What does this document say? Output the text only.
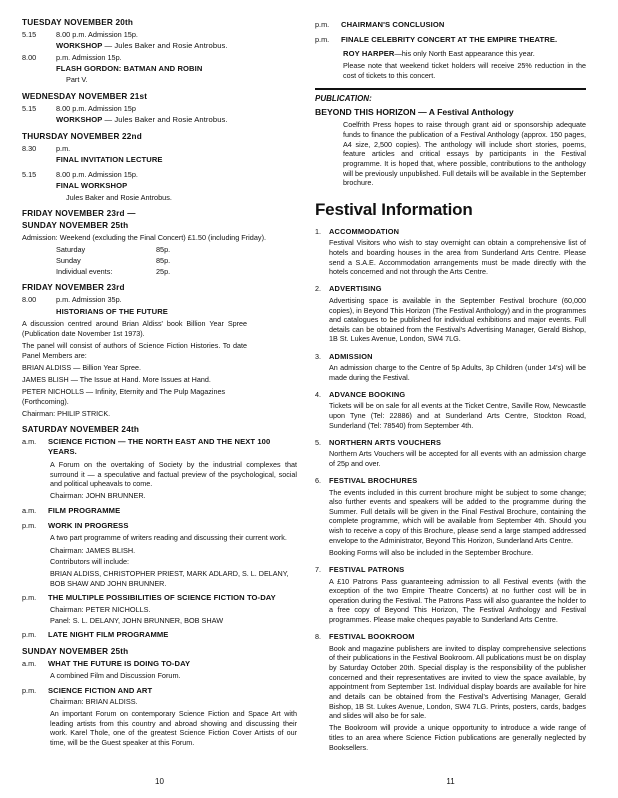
TUESDAY NOVEMBER 20th
5.15	8.00 p.m. Admission 15p.
WORKSHOP — Jules Baker and Rosie Antrobus.
8.00	p.m. Admission 15p.
FLASH GORDON: BATMAN AND ROBIN
Part V.
WEDNESDAY NOVEMBER 21st
5.15	8.00 p.m. Admission 15p
WORKSHOP — Jules Baker and Rosie Antrobus.
THURSDAY NOVEMBER 22nd
8.30	p.m.
FINAL INVITATION LECTURE
5.15	8.00 p.m. Admission 15p.
FINAL WORKSHOP
Jules Baker and Rosie Antrobus.
FRIDAY NOVEMBER 23rd —
SUNDAY NOVEMBER 25th
Admission: Weekend (excluding the Final Concert) £1.50 (including Friday).
Saturday	85p.
Sunday	85p.
Individual events:	25p.
FRIDAY NOVEMBER 23rd
8.00	p.m. Admission 35p.
HISTORIANS OF THE FUTURE
A discussion centred around Brian Aldiss' book Billion Year Spree (Publication date November 1st 1973).
The panel will consist of authors of Science Fiction Histories. To date Panel Members are:
BRIAN ALDISS — Billion Year Spree.
JAMES BLISH — The Issue at Hand. More Issues at Hand.
PETER NICHOLLS — Infinity, Eternity and The Pulp Magazines (Forthcoming).
Chairman: PHILIP STRICK.
SATURDAY NOVEMBER 24th
a.m. SCIENCE FICTION — THE NORTH EAST AND THE NEXT 100 YEARS.
A Forum on the overtaking of Society by the industrial complexes that surround it — a speculative and factual preview of the psychological, social and political upheavals to come.
Chairman: JOHN BRUNNER.
a.m. FILM PROGRAMME
p.m. WORK IN PROGRESS
A two part programme of writers reading and discussing their current work.
Chairman: JAMES BLISH.
Contributors will include:
BRIAN ALDISS, CHRISTOPHER PRIEST, MARK ADLARD, S. L. DELANY, BOB SHAW AND JOHN BRUNNER.
p.m. THE MULTIPLE POSSIBILITIES OF SCIENCE FICTION TO-DAY
Chairman: PETER NICHOLLS.
Panel: S. L. DELANY, JOHN BRUNNER, BOB SHAW
p.m. LATE NIGHT FILM PROGRAMME
SUNDAY NOVEMBER 25th
a.m. WHAT THE FUTURE IS DOING TO-DAY
A combined Film and Discussion Forum.
p.m. SCIENCE FICTION AND ART
Chairman: BRIAN ALDISS.
An important Forum on contemporary Science Fiction and Space Art with leading artists from this country and abroad showing and discussing their work. Karel Thole, one of the greatest Science Fiction Cover Artists of our time, will be the Guest speaker at this Forum.
10
p.m. CHAIRMAN'S CONCLUSION
p.m. FINALE CELEBRITY CONCERT AT THE EMPIRE THEATRE.
ROY HARPER—his only North East appearance this year.
Please note that weekend ticket holders will receive 25% reduction in the cost of tickets to this concert.
PUBLICATION:
BEYOND THIS HORIZON — A Festival Anthology
Coelfrith Press hopes to raise through grant aid or sponsorship adequate funds to finance the publication of a Festival Anthology (approx. 150 pages, A4 size, 2,500 copies). The anthology will include short stories, poems, feature articles and critical essays by participants in the Festival programme. It is hoped that, where possible, contributions to the anthology will be previously unpublished. Full details will be available in the September brochure.
Festival Information
1.	ACCOMMODATION
Festival Visitors who wish to stay overnight can obtain a comprehensive list of hotels and boarding houses in the area from Sunderland Arts Centre. Please send a S.A.E. Accommodation arrangements must be made directly with the hotels concerned and not through the Arts Centre.
2.	ADVERTISING
Advertising space is available in the September Festival brochure (60,000 copies), in Beyond This Horizon (The Festival Anthology) and in the programmes and catalogues to be published for individual exhibitions and major events. Full details can be obtained from the Festival's Advertising Manager, Gerald Bishop, 1B St. Lukes Avenue, London, SW4 7LG.
3.	ADMISSION
An admission charge to the Centre of 5p Adults, 3p Children (under 14's) will be made during the Festival.
4.	ADVANCE BOOKING
Tickets will be on sale for all events at the Ticket Centre, Saville Row, Newcastle upon Tyne (Tel: 22886) and at Sunderland Arts Centre, Stockton Road, Sunderland (Tel: 78540) from September 4th.
5.	NORTHERN ARTS VOUCHERS
Northern Arts Vouchers will be accepted for all events with an admission charge of 25p and over.
6.	FESTIVAL BROCHURES
The events included in this current brochure might be subject to some change; also further events and speakers will be added to the programme during the Summer. Full details will be given in the Final Festival Brochure, containing the complete programme, which will be available from September 4th. Should you wish to receive a copy of this Brochure, please send a large stamped addressed envelope to the Administrator, Beyond This Horizon, Sunderland Arts Centre.
Booking Forms will also be included in the September Brochure.
7.	FESTIVAL PATRONS
A £10 Patrons Pass guaranteeing admission to all Festival events (with the exception of the two Empire Theatre Concerts) at no further cost will be in operation during the Festival. The Patrons Pass will also guarantee the holder to a free copy of Beyond This Horizon, The Festival Anthology and Festival programmes. Please make cheques payable to Sunderland Arts Centre.
8.	FESTIVAL BOOKROOM
Book and magazine publishers are invited to display comprehensive selections of their publications in the Festival Bookroom. All publications must be on display by Saturday October 20th. Special display is the responsibility of the publisher concerned and their representatives are invited to view the space available, by appointment from September 1st. Individual display boards are available for hire and details can be obtained from the Festival's Advertising Manager, Gerald Bishop, 1B St. Lukes Avenue, London, SW4 7LG. Prints, posters, cards, badges and slides will also be for sale.
The Bookroom will provide a unique opportunity to introduce a wide range of titles to an area where Science Fiction publications are generally neglected by Booksellers.
11
